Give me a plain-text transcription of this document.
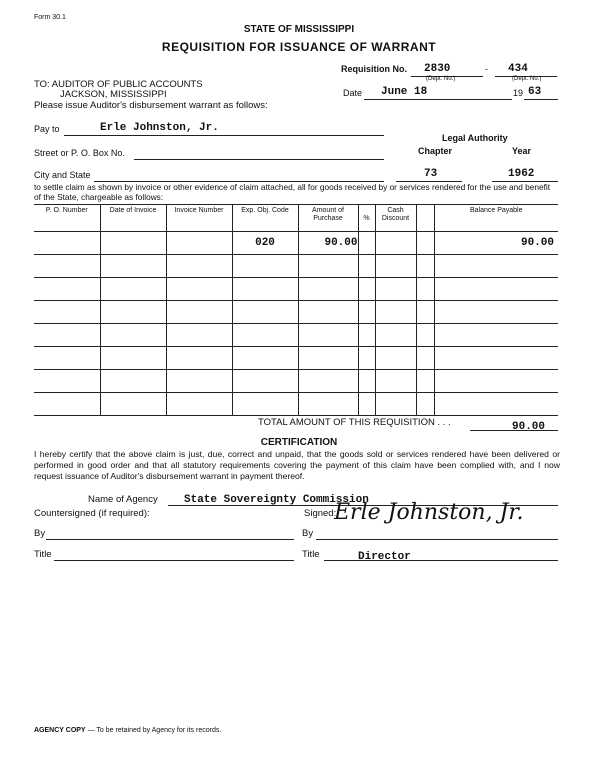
Form 30.1
STATE OF MISSISSIPPI
REQUISITION FOR ISSUANCE OF WARRANT
Requisition No. 2830	- 434
(Dept. No.)	(Dept. No.)
Date June 18	19 63
TO: AUDITOR OF PUBLIC ACCOUNTS
JACKSON, MISSISSIPPI
Please issue Auditor's disbursement warrant as follows:
Pay to	Erle Johnston, Jr.
Legal Authority
Chapter	Year
Street or P. O. Box No.
City and State	73	1962
to settle claim as shown by invoice or other evidence of claim attached, all for goods received by or services rendered for the use and benefit of the State, chargeable as follows:
P. O. Number	Date of Invoice	Invoice Number	Exp. Obj. Code	Amount of Purchase	%	Cash Discount		Balance Payable
			020	90.00				90.00

TOTAL AMOUNT OF THIS REQUISITION . . .	90.00
CERTIFICATION
I hereby certify that the above claim is just, due, correct and unpaid, that the goods sold or services rendered have been delivered or performed in good order and that all statutory requirements covering the payment of this claim have been complied with, and I now request issuance of Auditor's disbursement warrant in payment thereof.
Name of Agency State Sovereignty Commission
Countersigned (if required):	Signed:
Erle Johnston, Jr.
By	By
Title	Title	Director
AGENCY COPY — To be retained by Agency for its records.
